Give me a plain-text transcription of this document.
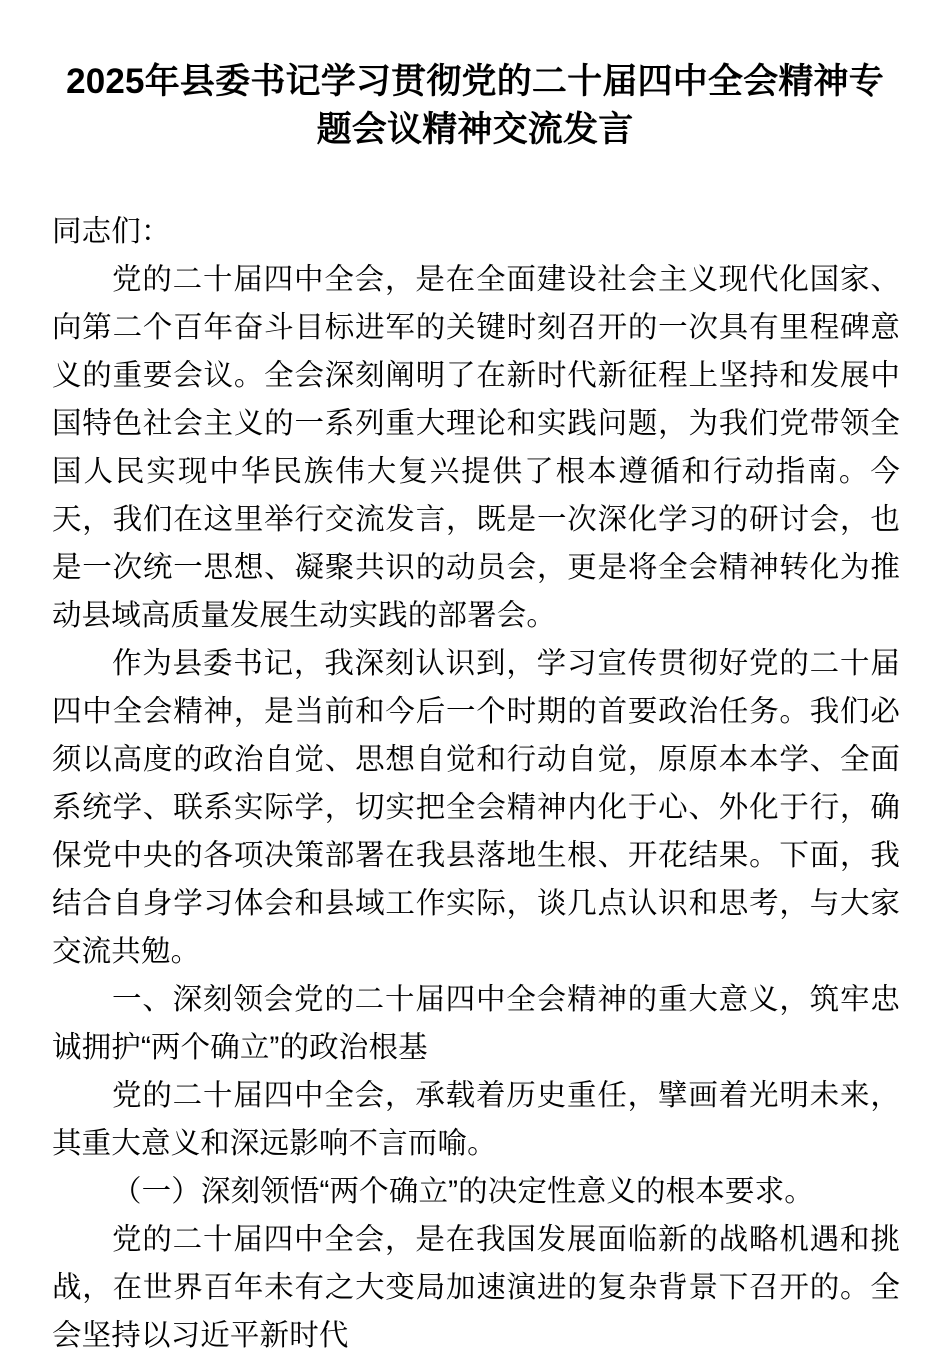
2025年县委书记学习贯彻党的二十届四中全会精神专题会议精神交流发言

同志们：

党的二十届四中全会，是在全面建设社会主义现代化国家、向第二个百年奋斗目标进军的关键时刻召开的一次具有里程碑意义的重要会议。全会深刻阐明了在新时代新征程上坚持和发展中国特色社会主义的一系列重大理论和实践问题，为我们党带领全国人民实现中华民族伟大复兴提供了根本遵循和行动指南。今天，我们在这里举行交流发言，既是一次深化学习的研讨会，也是一次统一思想、凝聚共识的动员会，更是将全会精神转化为推动县域高质量发展生动实践的部署会。

作为县委书记，我深刻认识到，学习宣传贯彻好党的二十届四中全会精神，是当前和今后一个时期的首要政治任务。我们必须以高度的政治自觉、思想自觉和行动自觉，原原本本学、全面系统学、联系实际学，切实把全会精神内化于心、外化于行，确保党中央的各项决策部署在我县落地生根、开花结果。下面，我结合自身学习体会和县域工作实际，谈几点认识和思考，与大家交流共勉。

一、深刻领会党的二十届四中全会精神的重大意义，筑牢忠诚拥护“两个确立”的政治根基

党的二十届四中全会，承载着历史重任，擘画着光明未来，其重大意义和深远影响不言而喻。

（一）深刻领悟“两个确立”的决定性意义的根本要求。

党的二十届四中全会，是在我国发展面临新的战略机遇和挑战，在世界百年未有之大变局加速演进的复杂背景下召开的。全会坚持以习近平新时代
